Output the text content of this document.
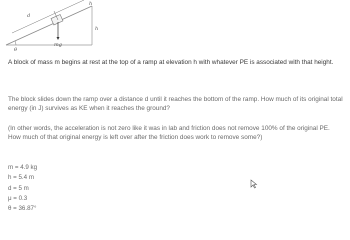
d
θ
mg
h
h

A block of mass m begins at rest at the top of a ramp at elevation h with whatever PE is associated with that height.

The block slides down the ramp over a distance d until it reaches the bottom of the ramp. How much of its original total energy (in J) survives as KE when it reaches the ground?

(In other words, the acceleration is not zero like it was in lab and friction does not remove 100% of the original PE. How much of that original energy is left over after the friction does work to remove some?)

m = 4.9 kg
h = 5.4 m
d = 5 m
μ = 0.3
θ = 36.87°
